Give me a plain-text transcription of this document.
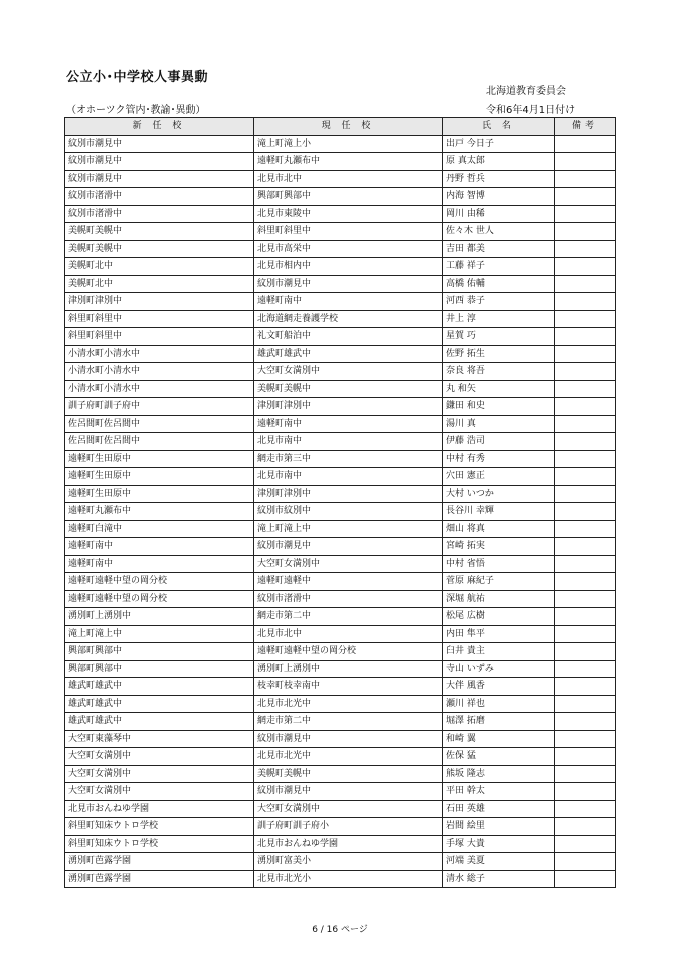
公立小･中学校人事異動
北海道教育委員会
（オホーツク管内･教諭･異動）	令和6年4月1日付け
新 任 校	現 任 校	氏 名	備考
紋別市潮見中	滝上町滝上小	出戸 今日子	
紋別市潮見中	遠軽町丸瀬布中	原 真太郎	
紋別市潮見中	北見市北中	丹野 哲兵	
紋別市渚滑中	興部町興部中	内海 智博	
紋別市渚滑中	北見市東陵中	岡川 由稀	
美幌町美幌中	斜里町斜里中	佐々木 世人	
美幌町美幌中	北見市高栄中	吉田 都美	
美幌町北中	北見市相内中	工藤 祥子	
美幌町北中	紋別市潮見中	高橋 佑輔	
津別町津別中	遠軽町南中	河西 恭子	
斜里町斜里中	北海道網走養護学校	井上 淳	
斜里町斜里中	礼文町船泊中	星賀 巧	
小清水町小清水中	雄武町雄武中	佐野 拓生	
小清水町小清水中	大空町女満別中	奈良 将吾	
小清水町小清水中	美幌町美幌中	丸 和矢	
訓子府町訓子府中	津別町津別中	鎌田 和史	
佐呂間町佐呂間中	遠軽町南中	湯川 真	
佐呂間町佐呂間中	北見市南中	伊藤 浩司	
遠軽町生田原中	網走市第三中	中村 有秀	
遠軽町生田原中	北見市南中	穴田 憲正	
遠軽町生田原中	津別町津別中	大村 いつか	
遠軽町丸瀬布中	紋別市紋別中	長谷川 幸輝	
遠軽町白滝中	滝上町滝上中	畑山 将真	
遠軽町南中	紋別市潮見中	宮崎 拓実	
遠軽町南中	大空町女満別中	中村 省悟	
遠軽町遠軽中望の岡分校	遠軽町遠軽中	菅原 麻紀子	
遠軽町遠軽中望の岡分校	紋別市渚滑中	深堀 航祐	
湧別町上湧別中	網走市第二中	松尾 広樹	
滝上町滝上中	北見市北中	内田 隼平	
興部町興部中	遠軽町遠軽中望の岡分校	臼井 貴主	
興部町興部中	湧別町上湧別中	寺山 いずみ	
雄武町雄武中	枝幸町枝幸南中	大伴 風香	
雄武町雄武中	北見市北光中	瀬川 祥也	
雄武町雄武中	網走市第二中	堀澤 拓磨	
大空町東藻琴中	紋別市潮見中	和崎 翼	
大空町女満別中	北見市北光中	佐保 猛	
大空町女満別中	美幌町美幌中	熊坂 隆志	
大空町女満別中	紋別市潮見中	平田 幹太	
北見市おんねゆ学園	大空町女満別中	石田 英雄	
斜里町知床ウトロ学校	訓子府町訓子府小	岩間 絵里	
斜里町知床ウトロ学校	北見市おんねゆ学園	手塚 大貴	
湧別町芭露学園	湧別町富美小	河端 美夏	
湧別町芭露学園	北見市北光小	清水 総子	
6 / 16 ページ
